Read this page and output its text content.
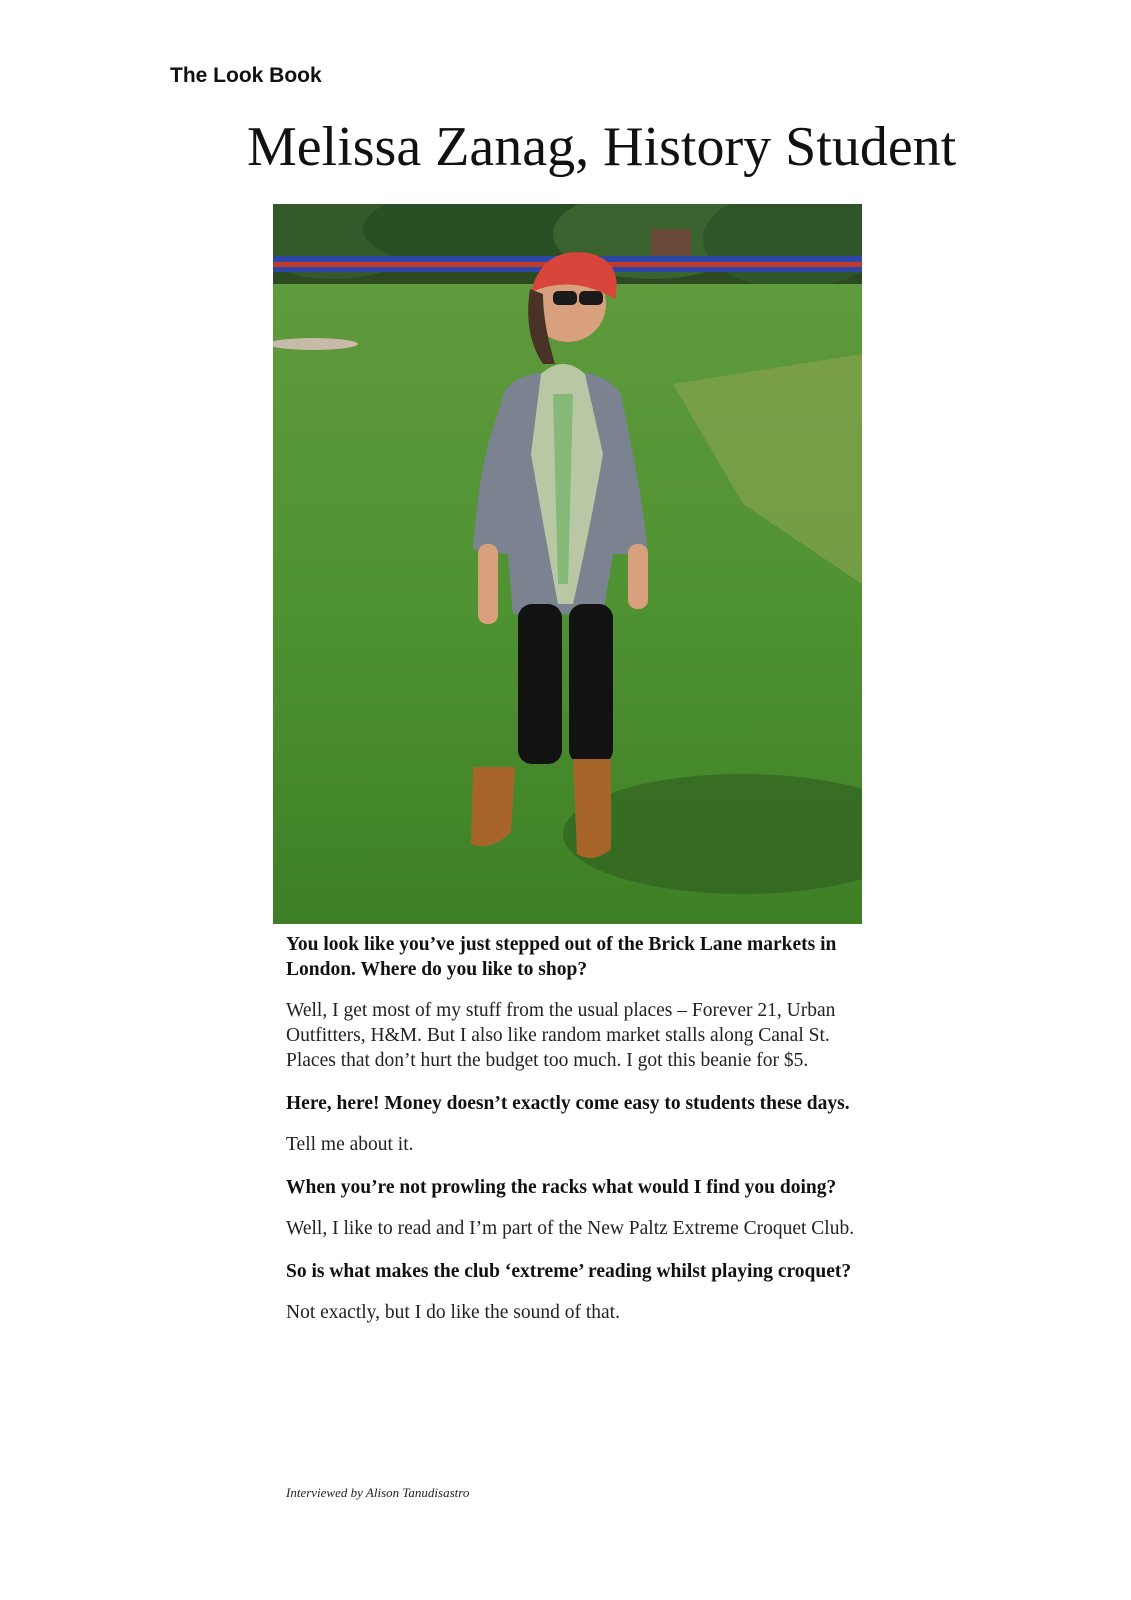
The Look Book
Melissa Zanag, History Student

You look like you’ve just stepped out of the Brick Lane markets in London. Where do you like to shop?

Well, I get most of my stuff from the usual places – Forever 21, Urban Outfitters, H&M. But I also like random market stalls along Canal St. Places that don’t hurt the budget too much. I got this beanie for $5.

Here, here! Money doesn’t exactly come easy to students these days.

Tell me about it.

When you’re not prowling the racks what would I find you doing?

Well, I like to read and I’m part of the New Paltz Extreme Croquet Club.

So is what makes the club ‘extreme’ reading whilst playing croquet?

Not exactly, but I do like the sound of that.

Interviewed by Alison Tanudisastro
